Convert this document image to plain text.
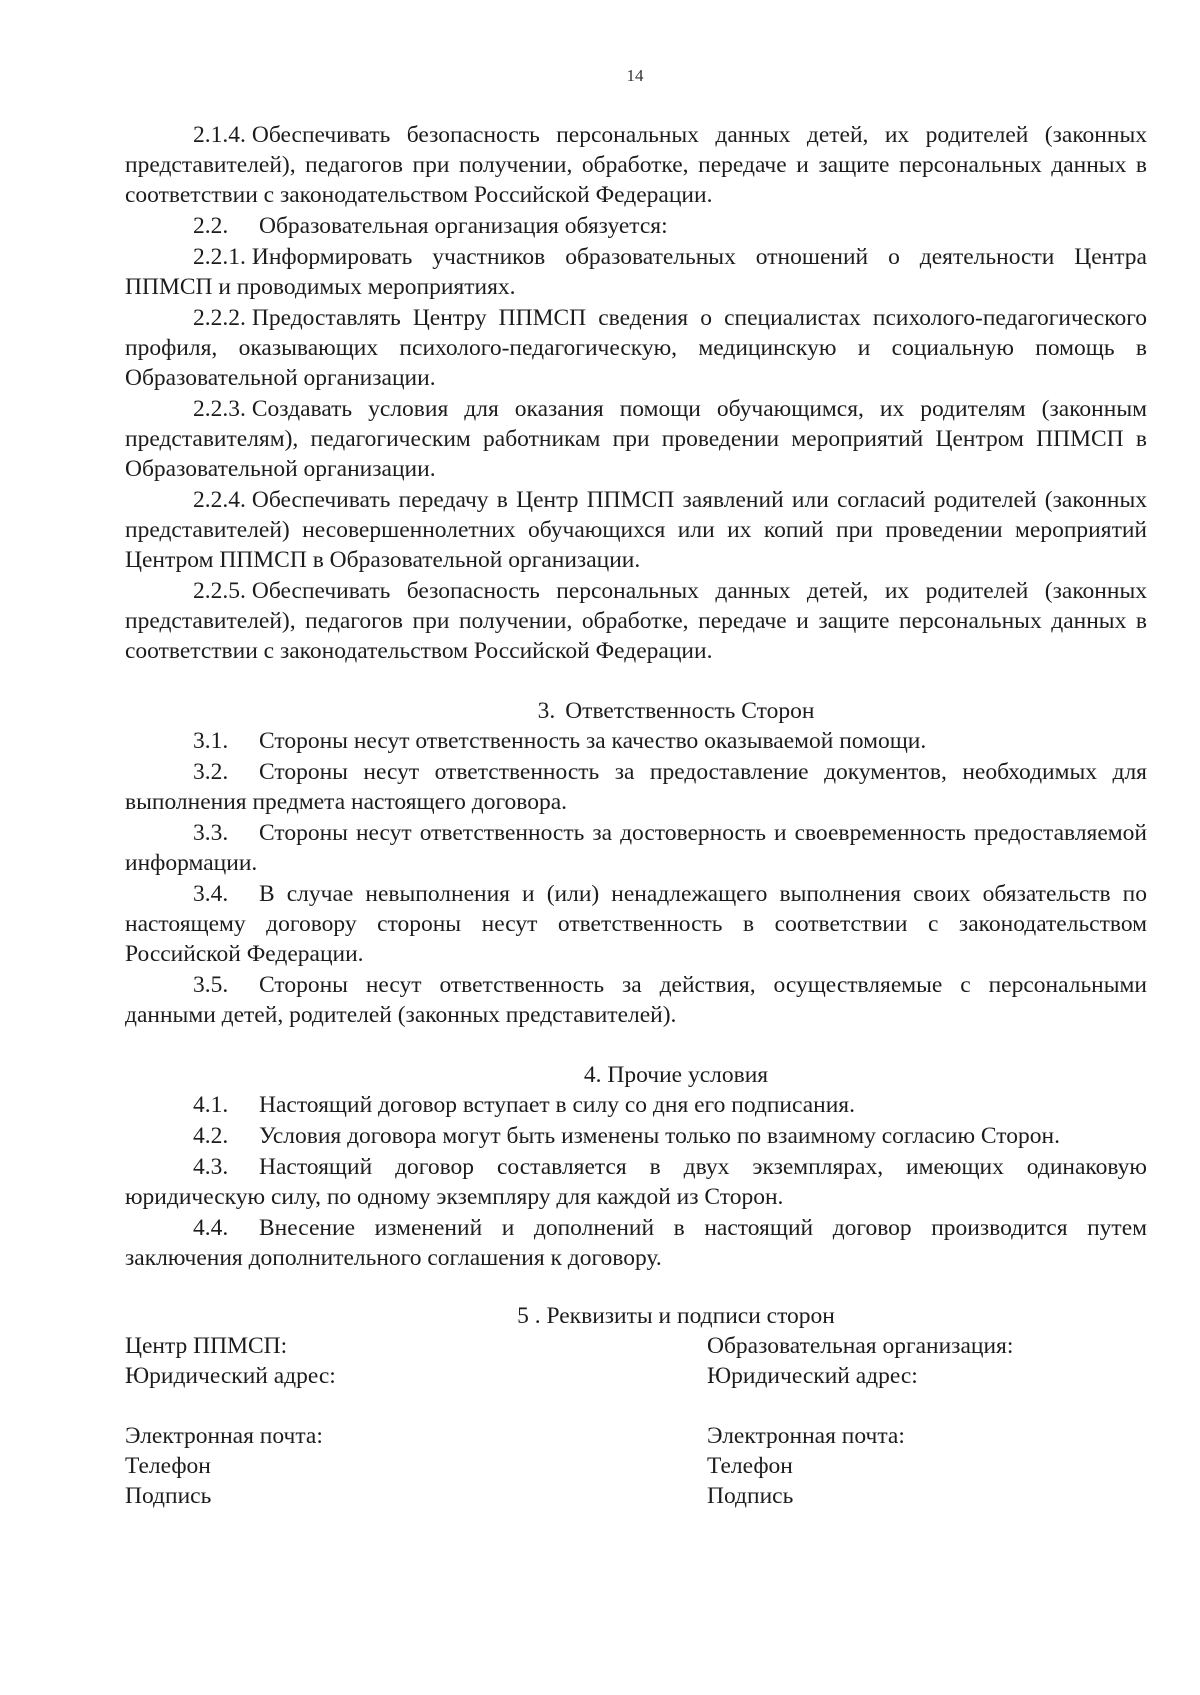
14

2.1.4. Обеспечивать безопасность персональных данных детей, их родителей (законных представителей), педагогов при получении, обработке, передаче и защите персональных данных в соответствии с законодательством Российской Федерации.

2.2. Образовательная организация обязуется:

2.2.1. Информировать участников образовательных отношений о деятельности Центра ППМСП и проводимых мероприятиях.

2.2.2. Предоставлять Центру ППМСП сведения о специалистах психолого-педагогического профиля, оказывающих психолого-педагогическую, медицинскую и социальную помощь в Образовательной организации.

2.2.3. Создавать условия для оказания помощи обучающимся, их родителям (законным представителям), педагогическим работникам при проведении мероприятий Центром ППМСП в Образовательной организации.

2.2.4. Обеспечивать передачу в Центр ППМСП заявлений или согласий родителей (законных представителей) несовершеннолетних обучающихся или их копий при проведении мероприятий Центром ППМСП в Образовательной организации.

2.2.5. Обеспечивать безопасность персональных данных детей, их родителей (законных представителей), педагогов при получении, обработке, передаче и защите персональных данных в соответствии с законодательством Российской Федерации.

3. Ответственность Сторон

3.1. Стороны несут ответственность за качество оказываемой помощи.

3.2. Стороны несут ответственность за предоставление документов, необходимых для выполнения предмета настоящего договора.

3.3. Стороны несут ответственность за достоверность и своевременность предоставляемой информации.

3.4. В случае невыполнения и (или) ненадлежащего выполнения своих обязательств по настоящему договору стороны несут ответственность в соответствии с законодательством Российской Федерации.

3.5. Стороны несут ответственность за действия, осуществляемые с персональными данными детей, родителей (законных представителей).

4. Прочие условия

4.1. Настоящий договор вступает в силу со дня его подписания.

4.2. Условия договора могут быть изменены только по взаимному согласию Сторон.

4.3. Настоящий договор составляется в двух экземплярах, имеющих одинаковую юридическую силу, по одному экземпляру для каждой из Сторон.

4.4. Внесение изменений и дополнений в настоящий договор производится путем заключения дополнительного соглашения к договору.

5 . Реквизиты и подписи сторон

Центр ППМСП:
Юридический адрес:
Электронная почта:
Телефон
Подпись
Образовательная организация:
Юридический адрес:
Электронная почта:
Телефон
Подпись
